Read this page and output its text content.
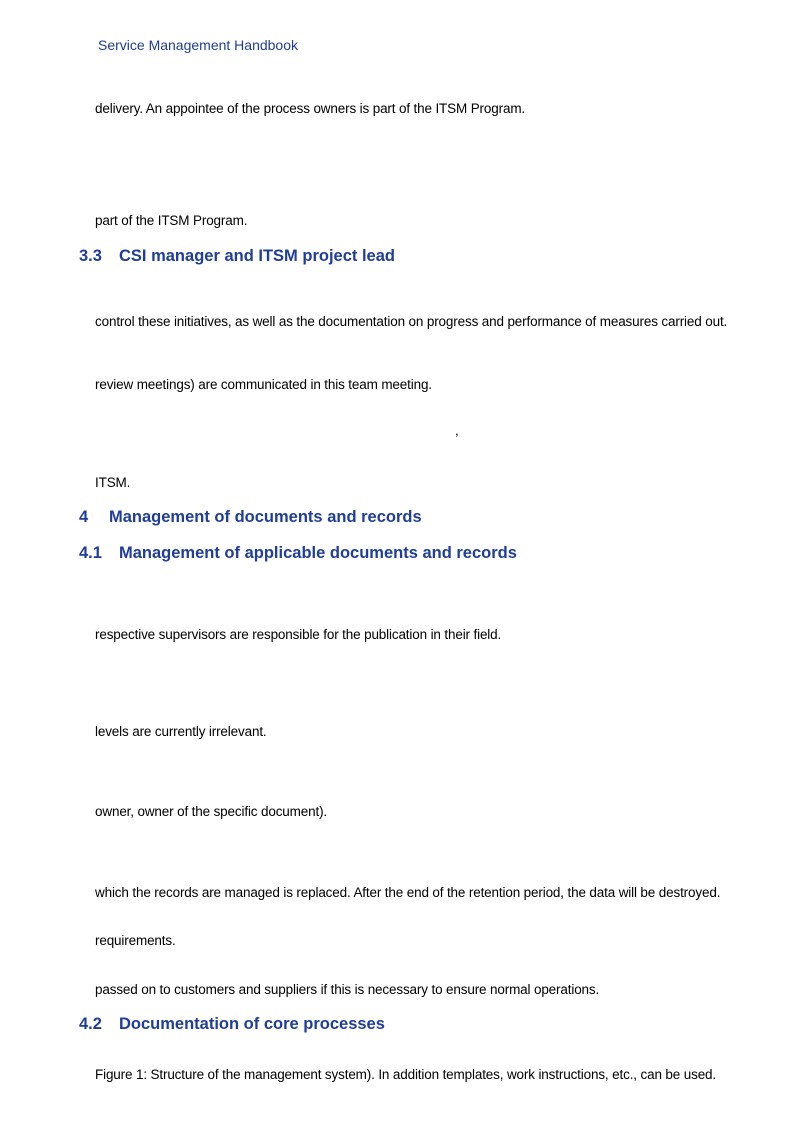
Service Management Handbook
delivery. An appointee of the process owners is part of the ITSM Program.
part of the ITSM Program.
3.3 CSI manager and ITSM project lead
control these initiatives, as well as the documentation on progress and performance of measures carried out.
review meetings) are communicated in this team meeting.
,
ITSM.
4 Management of documents and records
4.1 Management of applicable documents and records
respective supervisors are responsible for the publication in their field.
levels are currently irrelevant.
owner, owner of the specific document).
which the records are managed is replaced. After the end of the retention period, the data will be destroyed.
requirements.
passed on to customers and suppliers if this is necessary to ensure normal operations.
4.2 Documentation of core processes
Figure 1: Structure of the management system). In addition templates, work instructions, etc., can be used.
